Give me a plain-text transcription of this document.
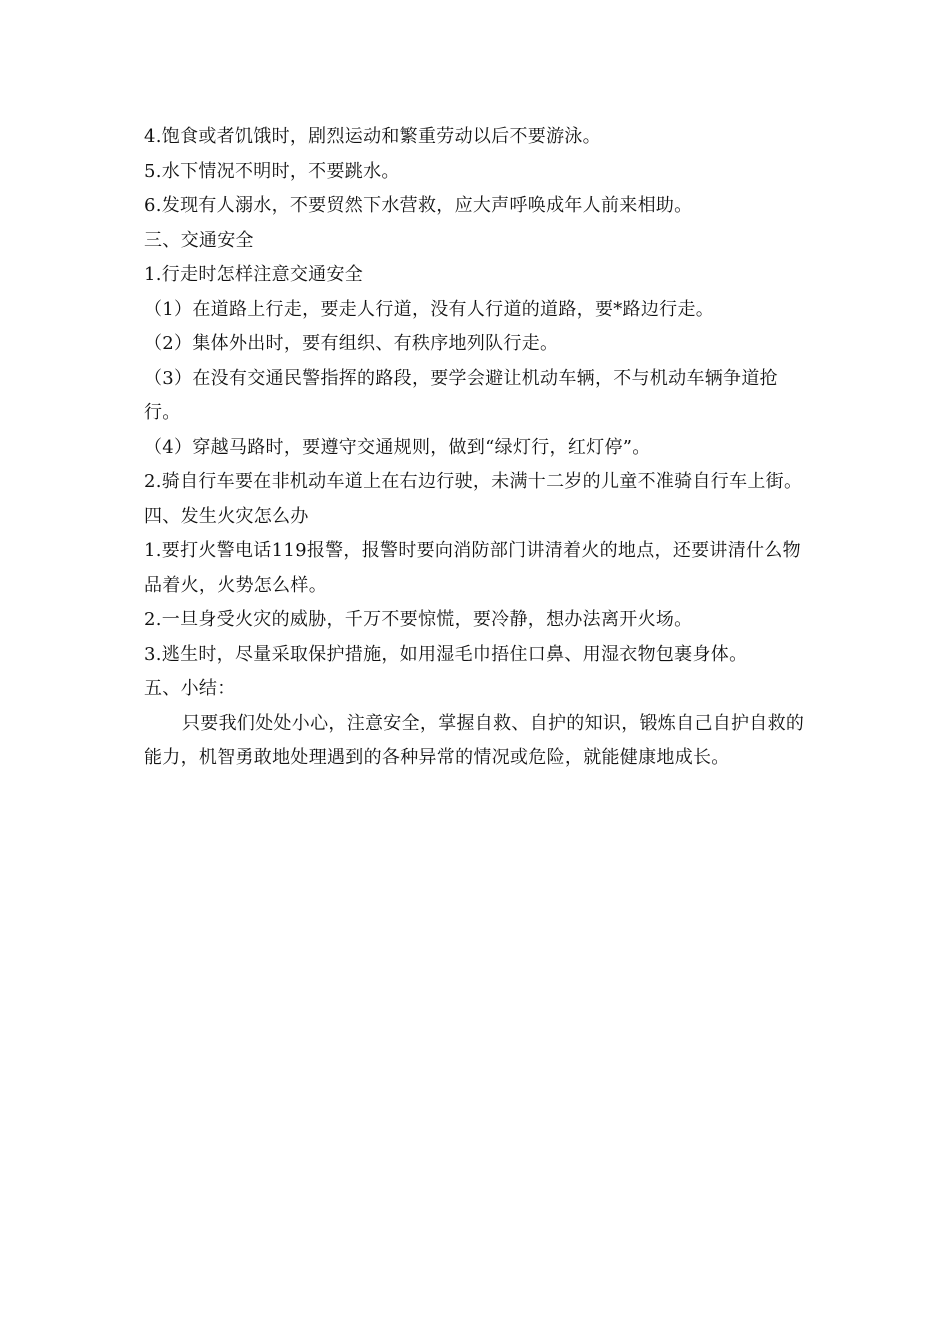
4.饱食或者饥饿时，剧烈运动和繁重劳动以后不要游泳。
5.水下情况不明时，不要跳水。
6.发现有人溺水，不要贸然下水营救，应大声呼唤成年人前来相助。
三、交通安全
1.行走时怎样注意交通安全
（1）在道路上行走，要走人行道，没有人行道的道路，要*路边行走。
（2）集体外出时，要有组织、有秩序地列队行走。
（3）在没有交通民警指挥的路段，要学会避让机动车辆，不与机动车辆争道抢行。
（4）穿越马路时，要遵守交通规则，做到“绿灯行，红灯停”。
2.骑自行车要在非机动车道上在右边行驶，未满十二岁的儿童不准骑自行车上街。
四、发生火灾怎么办
1.要打火警电话119报警，报警时要向消防部门讲清着火的地点，还要讲清什么物品着火，火势怎么样。
2.一旦身受火灾的威胁，千万不要惊慌，要冷静，想办法离开火场。
3.逃生时，尽量采取保护措施，如用湿毛巾捂住口鼻、用湿衣物包裹身体。
五、小结：
只要我们处处小心，注意安全，掌握自救、自护的知识，锻炼自己自护自救的能力，机智勇敢地处理遇到的各种异常的情况或危险，就能健康地成长。
